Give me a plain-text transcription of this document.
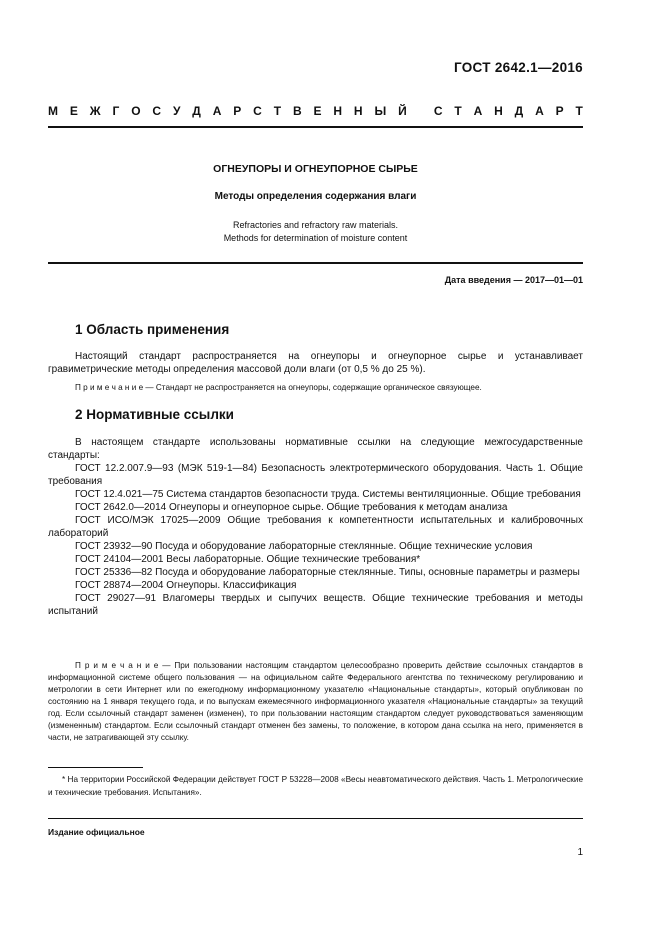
ГОСТ 2642.1—2016
М Е Ж Г О С У Д А Р С Т В Е Н Н Ы Й
С Т А Н Д А Р Т
ОГНЕУПОРЫ И ОГНЕУПОРНОЕ СЫРЬЕ
Методы определения содержания влаги
Refractories and refractory raw materials.
Methods for determination of moisture content
Дата введения — 2017—01—01
1 Область применения
Настоящий стандарт распространяется на огнеупоры и огнеупорное сырье и устанавливает гравиметрические методы определения массовой доли влаги (от 0,5 % до 25 %).
П р и м е ч а н и е — Стандарт не распространяется на огнеупоры, содержащие органическое связующее.
2 Нормативные ссылки
В настоящем стандарте использованы нормативные ссылки на следующие межгосударственные стандарты:
ГОСТ 12.2.007.9—93 (МЭК 519-1—84) Безопасность электротермического оборудования. Часть 1. Общие требования
ГОСТ 12.4.021—75 Система стандартов безопасности труда. Системы вентиляционные. Общие требования
ГОСТ 2642.0—2014 Огнеупоры и огнеупорное сырье. Общие требования к методам анализа
ГОСТ ИСО/МЭК 17025—2009 Общие требования к компетентности испытательных и калибровочных лабораторий
ГОСТ 23932—90 Посуда и оборудование лабораторные стеклянные. Общие технические условия
ГОСТ 24104—2001 Весы лабораторные. Общие технические требования*
ГОСТ 25336—82 Посуда и оборудование лабораторные стеклянные. Типы, основные параметры и размеры
ГОСТ 28874—2004 Огнеупоры. Классификация
ГОСТ 29027—91 Влагомеры твердых и сыпучих веществ. Общие технические требования и методы испытаний
П р и м е ч а н и е — При пользовании настоящим стандартом целесообразно проверить действие ссылочных стандартов в информационной системе общего пользования — на официальном сайте Федерального агентства по техническому регулированию и метрологии в сети Интернет или по ежегодному информационному указателю «Национальные стандарты», который опубликован по состоянию на 1 января текущего года, и по выпускам ежемесячного информационного указателя «Национальные стандарты» за текущий год. Если ссылочный стандарт заменен (изменен), то при пользовании настоящим стандартом следует руководствоваться заменяющим (измененным) стандартом. Если ссылочный стандарт отменен без замены, то положение, в котором дана ссылка на него, применяется в части, не затрагивающей эту ссылку.
* На территории Российской Федерации действует ГОСТ Р 53228—2008 «Весы неавтоматического действия. Часть 1. Метрологические и технические требования. Испытания».
Издание официальное
1
